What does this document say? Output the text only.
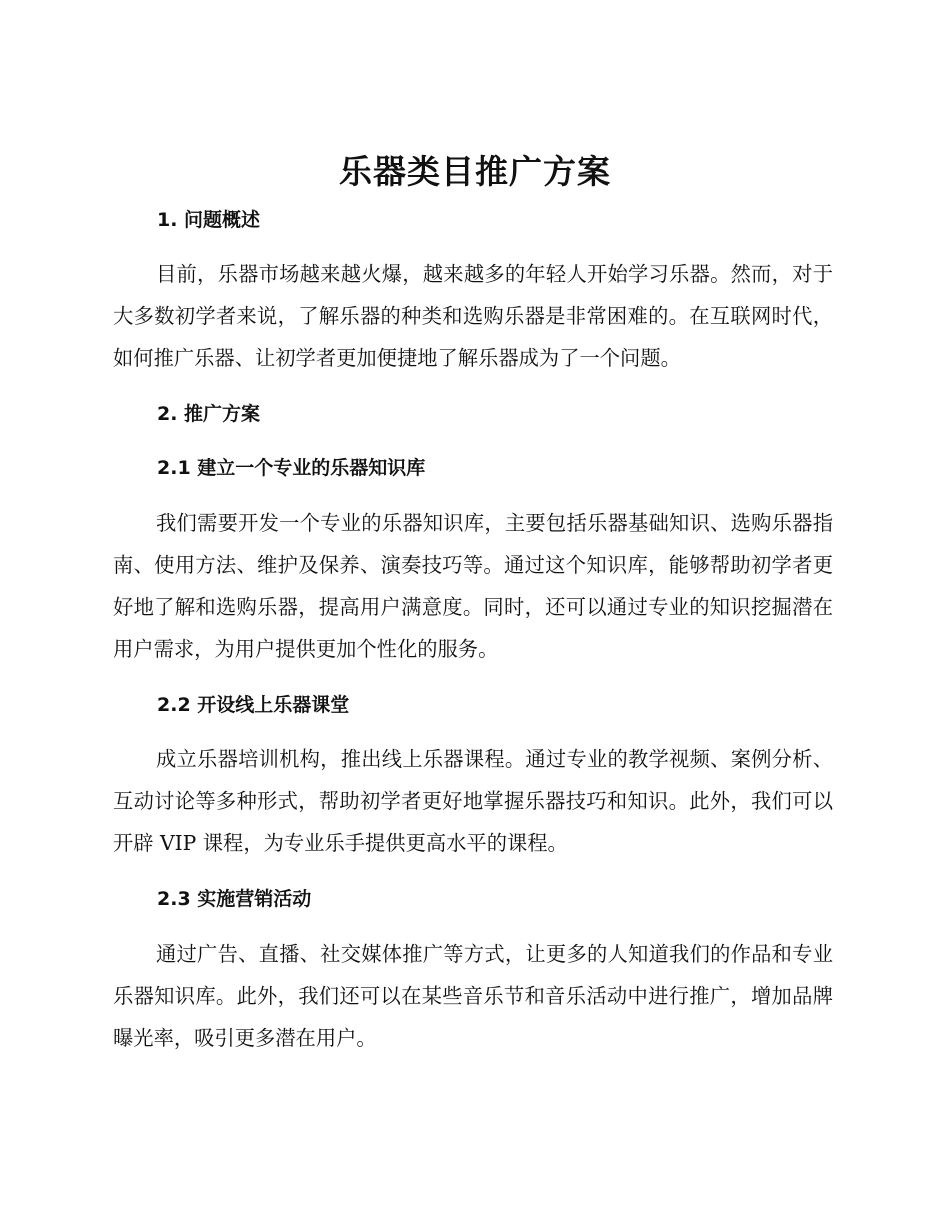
乐器类目推广方案
1. 问题概述

目前，乐器市场越来越火爆，越来越多的年轻人开始学习乐器。然而，对于大多数初学者来说，了解乐器的种类和选购乐器是非常困难的。在互联网时代，如何推广乐器、让初学者更加便捷地了解乐器成为了一个问题。

2. 推广方案
2.1 建立一个专业的乐器知识库

我们需要开发一个专业的乐器知识库，主要包括乐器基础知识、选购乐器指南、使用方法、维护及保养、演奏技巧等。通过这个知识库，能够帮助初学者更好地了解和选购乐器，提高用户满意度。同时，还可以通过专业的知识挖掘潜在用户需求，为用户提供更加个性化的服务。

2.2 开设线上乐器课堂

成立乐器培训机构，推出线上乐器课程。通过专业的教学视频、案例分析、互动讨论等多种形式，帮助初学者更好地掌握乐器技巧和知识。此外，我们可以开辟 VIP 课程，为专业乐手提供更高水平的课程。

2.3 实施营销活动

通过广告、直播、社交媒体推广等方式，让更多的人知道我们的作品和专业乐器知识库。此外，我们还可以在某些音乐节和音乐活动中进行推广，增加品牌曝光率，吸引更多潜在用户。
